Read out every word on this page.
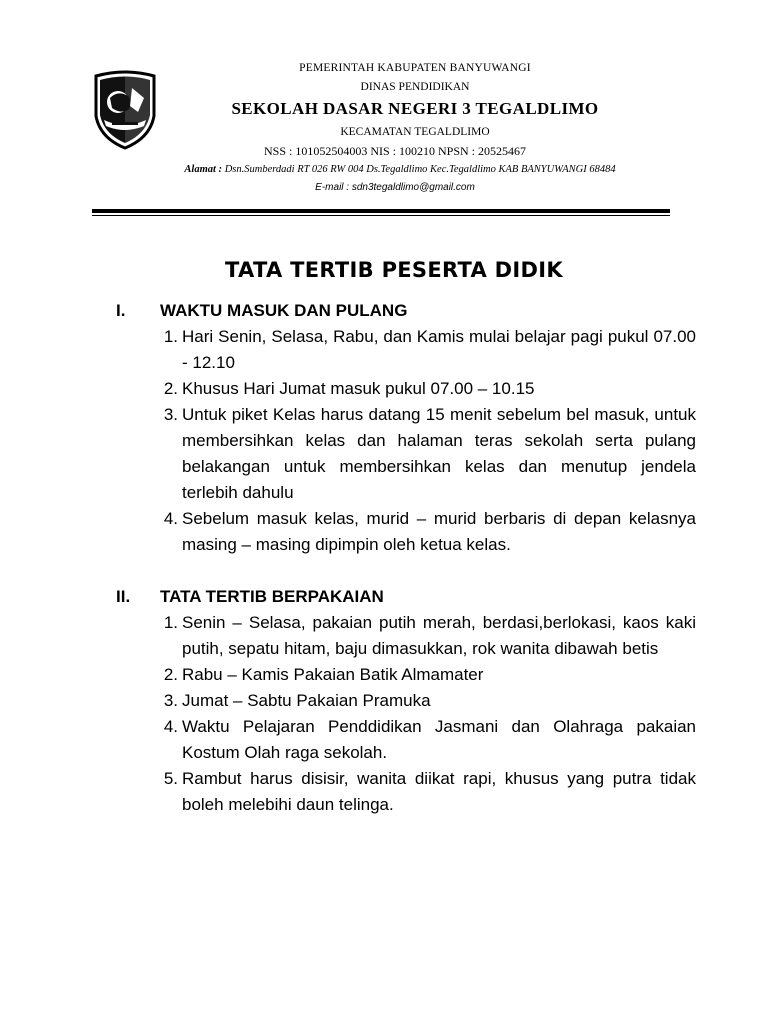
PEMERINTAH KABUPATEN BANYUWANGI
DINAS PENDIDIKAN
SEKOLAH DASAR NEGERI 3 TEGALDLIMO
KECAMATAN TEGALDLIMO
NSS : 101052504003 NIS : 100210 NPSN : 20525467
Alamat : Dsn.Sumberdadi RT 026 RW 004 Ds.Tegaldlimo Kec.Tegaldlimo KAB BANYUWANGI 68484
E-mail : sdn3tegaldlimo@gmail.com
TATA TERTIB PESERTA DIDIK
I.	WAKTU MASUK DAN PULANG
1. Hari Senin, Selasa, Rabu, dan Kamis mulai belajar pagi pukul 07.00 - 12.10
2. Khusus Hari Jumat masuk pukul 07.00 – 10.15
3. Untuk piket Kelas harus datang 15 menit sebelum bel masuk, untuk membersihkan kelas dan halaman teras sekolah serta pulang belakangan untuk membersihkan kelas dan menutup jendela terlebih dahulu
4. Sebelum masuk kelas, murid – murid berbaris di depan kelasnya masing – masing dipimpin oleh ketua kelas.
II.	TATA TERTIB BERPAKAIAN
1. Senin – Selasa, pakaian putih merah, berdasi,berlokasi, kaos kaki putih, sepatu hitam, baju dimasukkan, rok wanita dibawah betis
2. Rabu – Kamis Pakaian Batik Almamater
3. Jumat – Sabtu Pakaian Pramuka
4. Waktu Pelajaran Penddidikan Jasmani dan Olahraga pakaian Kostum Olah raga sekolah.
5. Rambut harus disisir, wanita diikat rapi, khusus yang putra tidak boleh melebihi daun telinga.
